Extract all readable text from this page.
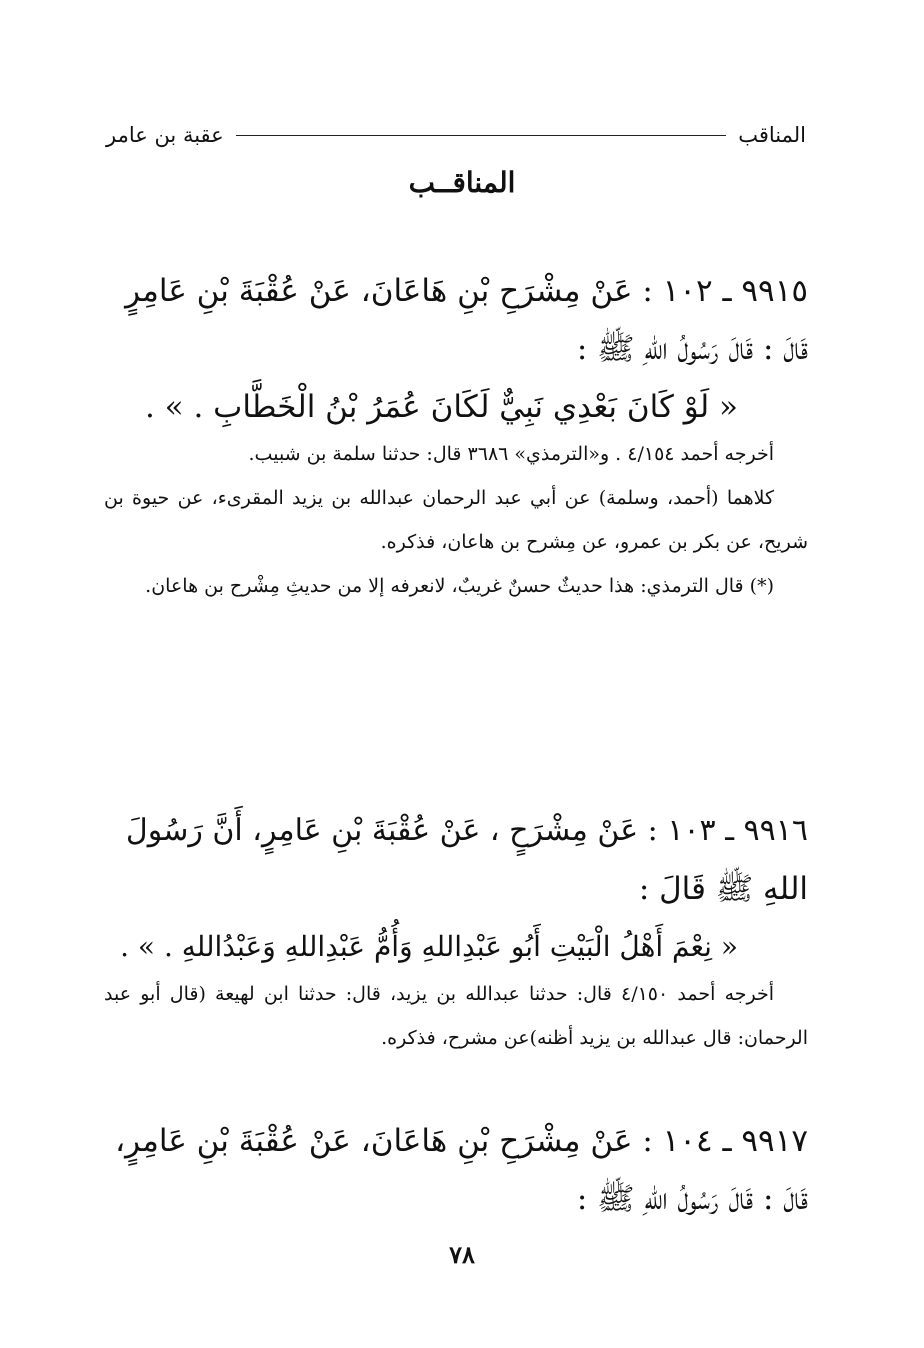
المناقب
عقبة بن عامر
المناقــب
٩٩١٥ ـ ١٠٢ : عَنْ مِشْرَحِ بْنِ هَاعَانَ، عَنْ عُقْبَةَ بْنِ عَامِرٍ
قَالَ : قَالَ رَسُولُ اللهِ ﷺ :
« لَوْ كَانَ بَعْدِي نَبِيٌّ لَكَانَ عُمَرُ بْنُ الْخَطَّابِ . » .
أخرجه أحمد ٤/١٥٤ . و«الترمذي» ٣٦٨٦ قال: حدثنا سلمة بن شبيب.
كلاهما (أحمد، وسلمة) عن أبي عبد الرحمان عبدالله بن يزيد المقرىء، عن حيوة بن شريح، عن بكر بن عمرو، عن مِشرح بن هاعان، فذكره.
(*) قال الترمذي: هذا حديثٌ حسنٌ غريبٌ، لانعرفه إلا من حديثِ مِشْرح بن هاعان.
٩٩١٦ ـ ١٠٣ : عَنْ مِشْرَحٍ ، عَنْ عُقْبَةَ بْنِ عَامِرٍ، أَنَّ رَسُولَ
اللهِ ﷺ قَالَ :
« نِعْمَ أَهْلُ الْبَيْتِ أَبُو عَبْدِاللهِ وَأُمُّ عَبْدِاللهِ وَعَبْدُاللهِ . » .
أخرجه أحمد ٤/١٥٠ قال: حدثنا عبدالله بن يزيد، قال: حدثنا ابن لهيعة (قال أبو عبد الرحمان: قال عبدالله بن يزيد أظنه)عن مشرح، فذكره.
٩٩١٧ ـ ١٠٤ : عَنْ مِشْرَحِ بْنِ هَاعَانَ، عَنْ عُقْبَةَ بْنِ عَامِرٍ،
قَالَ : قَالَ رَسُولُ اللهِ ﷺ :
٧٨
